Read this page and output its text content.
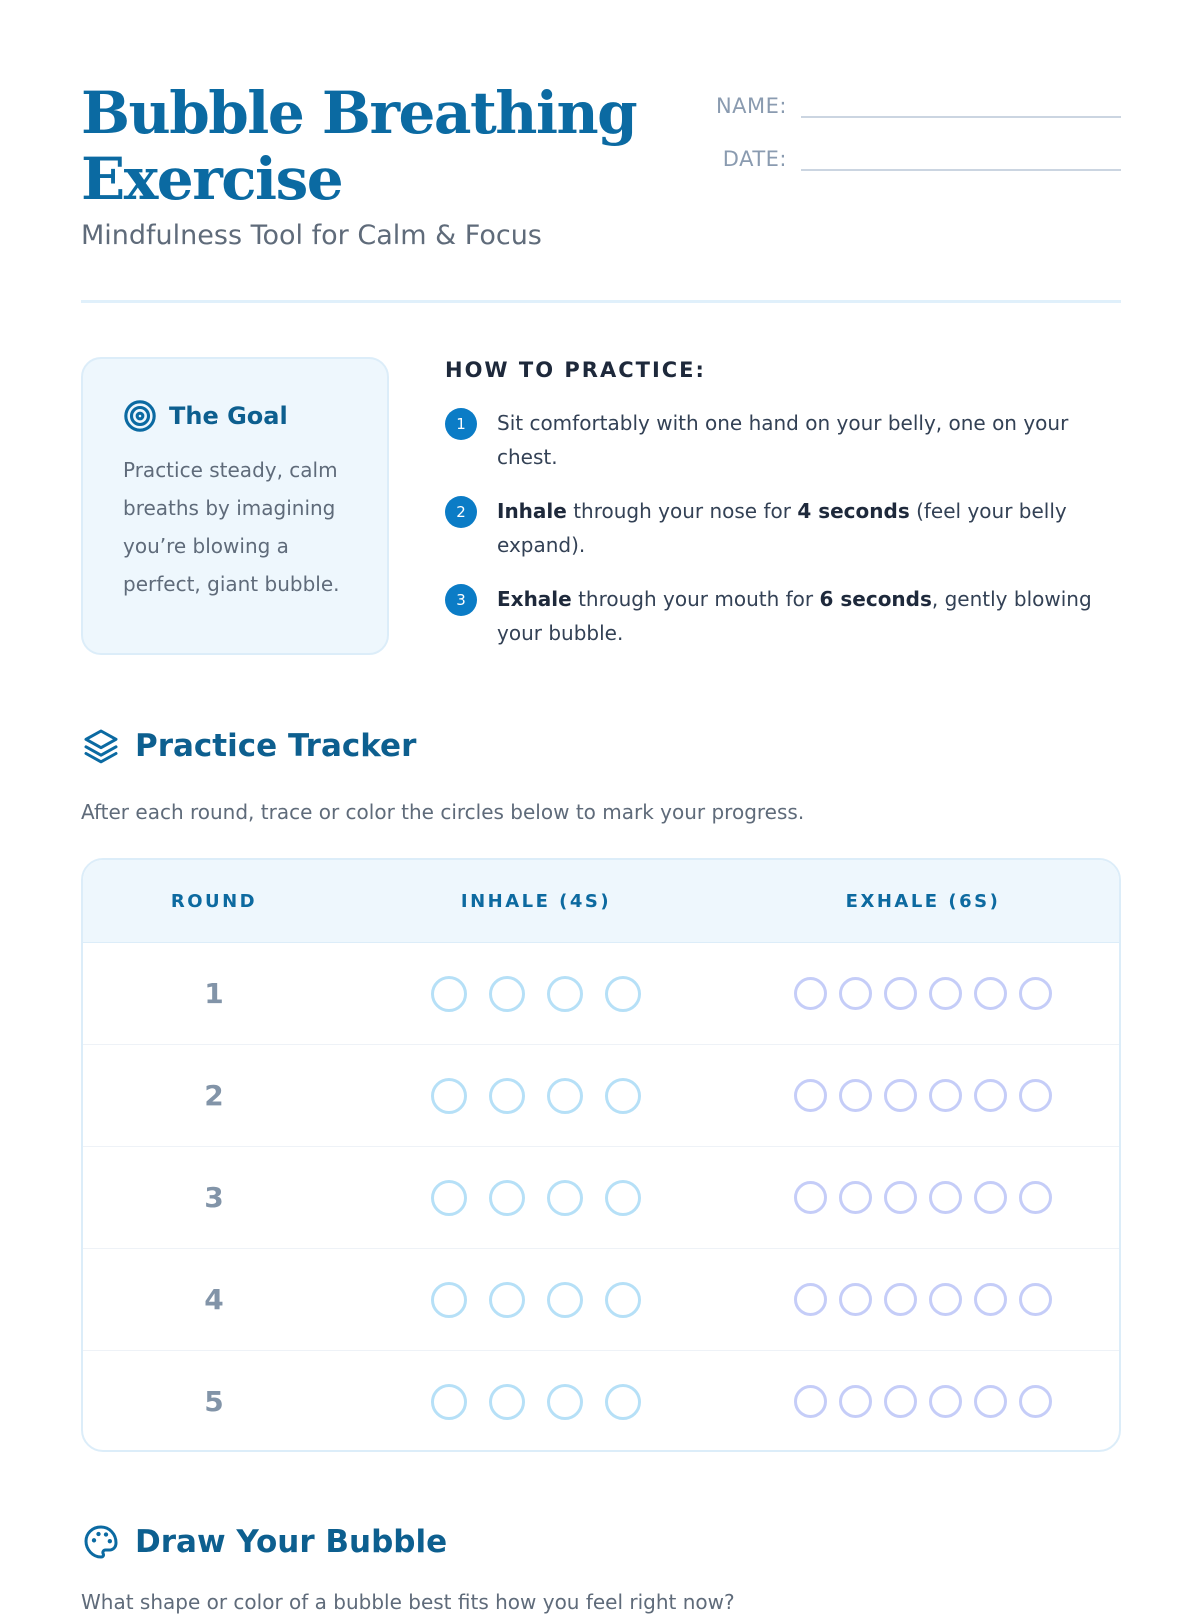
Bubble Breathing
Exercise
Mindfulness Tool for Calm & Focus
NAME:
DATE:
The Goal
Practice steady, calm breaths by imagining you’re blowing a perfect, giant bubble.
HOW TO PRACTICE:
1	Sit comfortably with one hand on your belly, one on your chest.
2	Inhale through your nose for 4 seconds (feel your belly expand).
3	Exhale through your mouth for 6 seconds, gently blowing your bubble.
Practice Tracker
After each round, trace or color the circles below to mark your progress.
ROUND	INHALE (4S)	EXHALE (6S)
1
2
3
4
5
Draw Your Bubble
What shape or color of a bubble best fits how you feel right now?
